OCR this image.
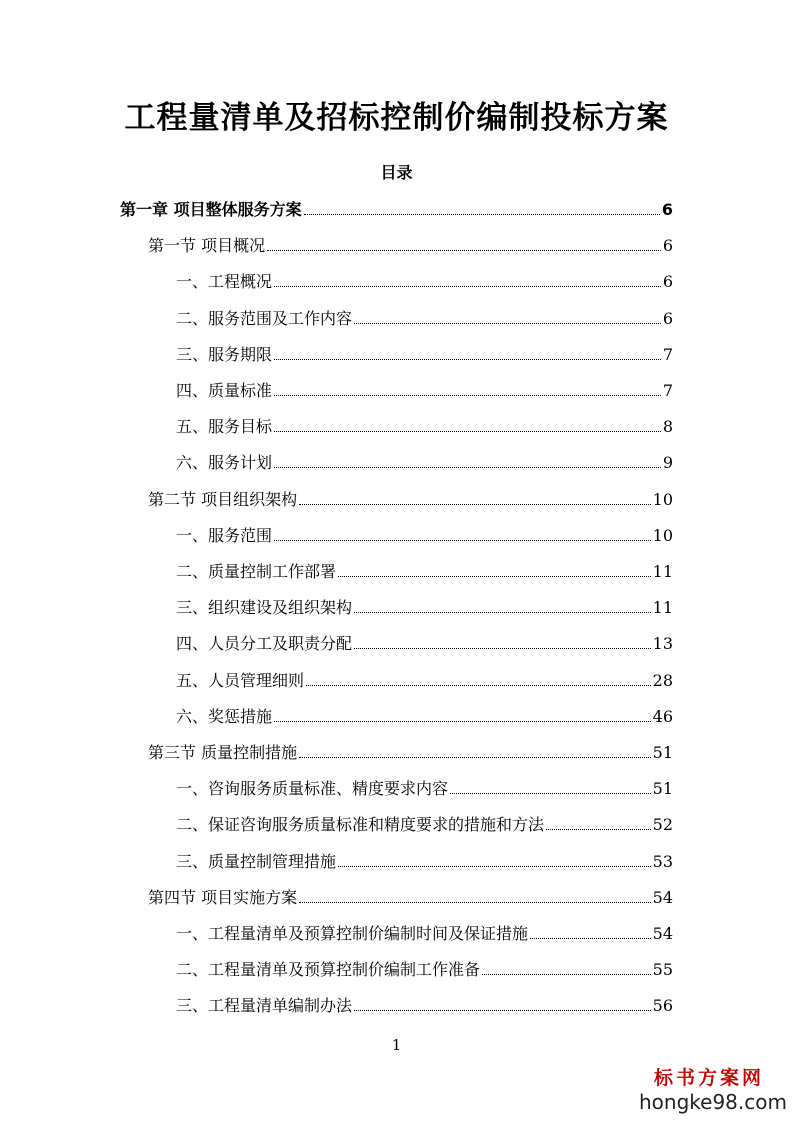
工程量清单及招标控制价编制投标方案
目录
第一章 项目整体服务方案	6
第一节 项目概况	6
一、工程概况	6
二、服务范围及工作内容	6
三、服务期限	7
四、质量标准	7
五、服务目标	8
六、服务计划	9
第二节 项目组织架构	10
一、服务范围	10
二、质量控制工作部署	11
三、组织建设及组织架构	11
四、人员分工及职责分配	13
五、人员管理细则	28
六、奖惩措施	46
第三节 质量控制措施	51
一、咨询服务质量标准、精度要求内容	51
二、保证咨询服务质量标准和精度要求的措施和方法	52
三、质量控制管理措施	53
第四节 项目实施方案	54
一、工程量清单及预算控制价编制时间及保证措施	54
二、工程量清单及预算控制价编制工作准备	55
三、工程量清单编制办法	56
1
标书方案网
hongke98.com
